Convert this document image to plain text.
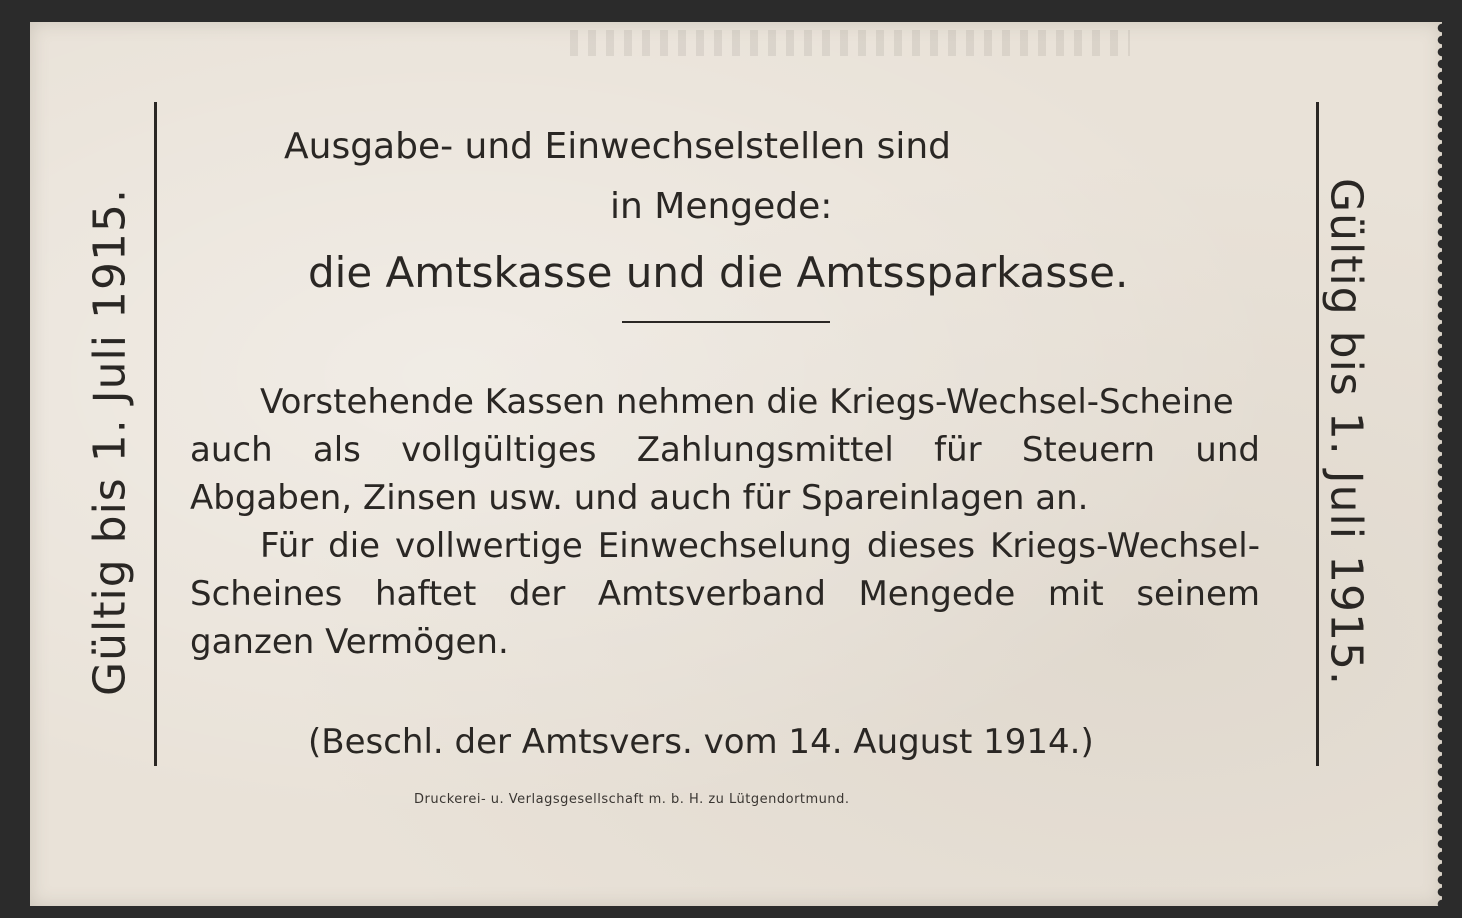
Gültig bis 1. Juli 1915.	Gültig bis 1. Juli 1915.
Ausgabe- und Einwechselstellen sind
in Mengede:
die Amtskasse und die Amtssparkasse.
Vorstehende Kassen nehmen die Kriegs-Wechsel-Scheine
auch als vollgültiges Zahlungsmittel für Steuern und
Abgaben, Zinsen usw. und auch für Spareinlagen an.
Für die vollwertige Einwechselung dieses Kriegs-Wechsel-
Scheines haftet der Amtsverband Mengede mit seinem
ganzen Vermögen.
(Beschl. der Amtsvers. vom 14. August 1914.)
Druckerei- u. Verlagsgesellschaft m. b. H. zu Lütgendortmund.
